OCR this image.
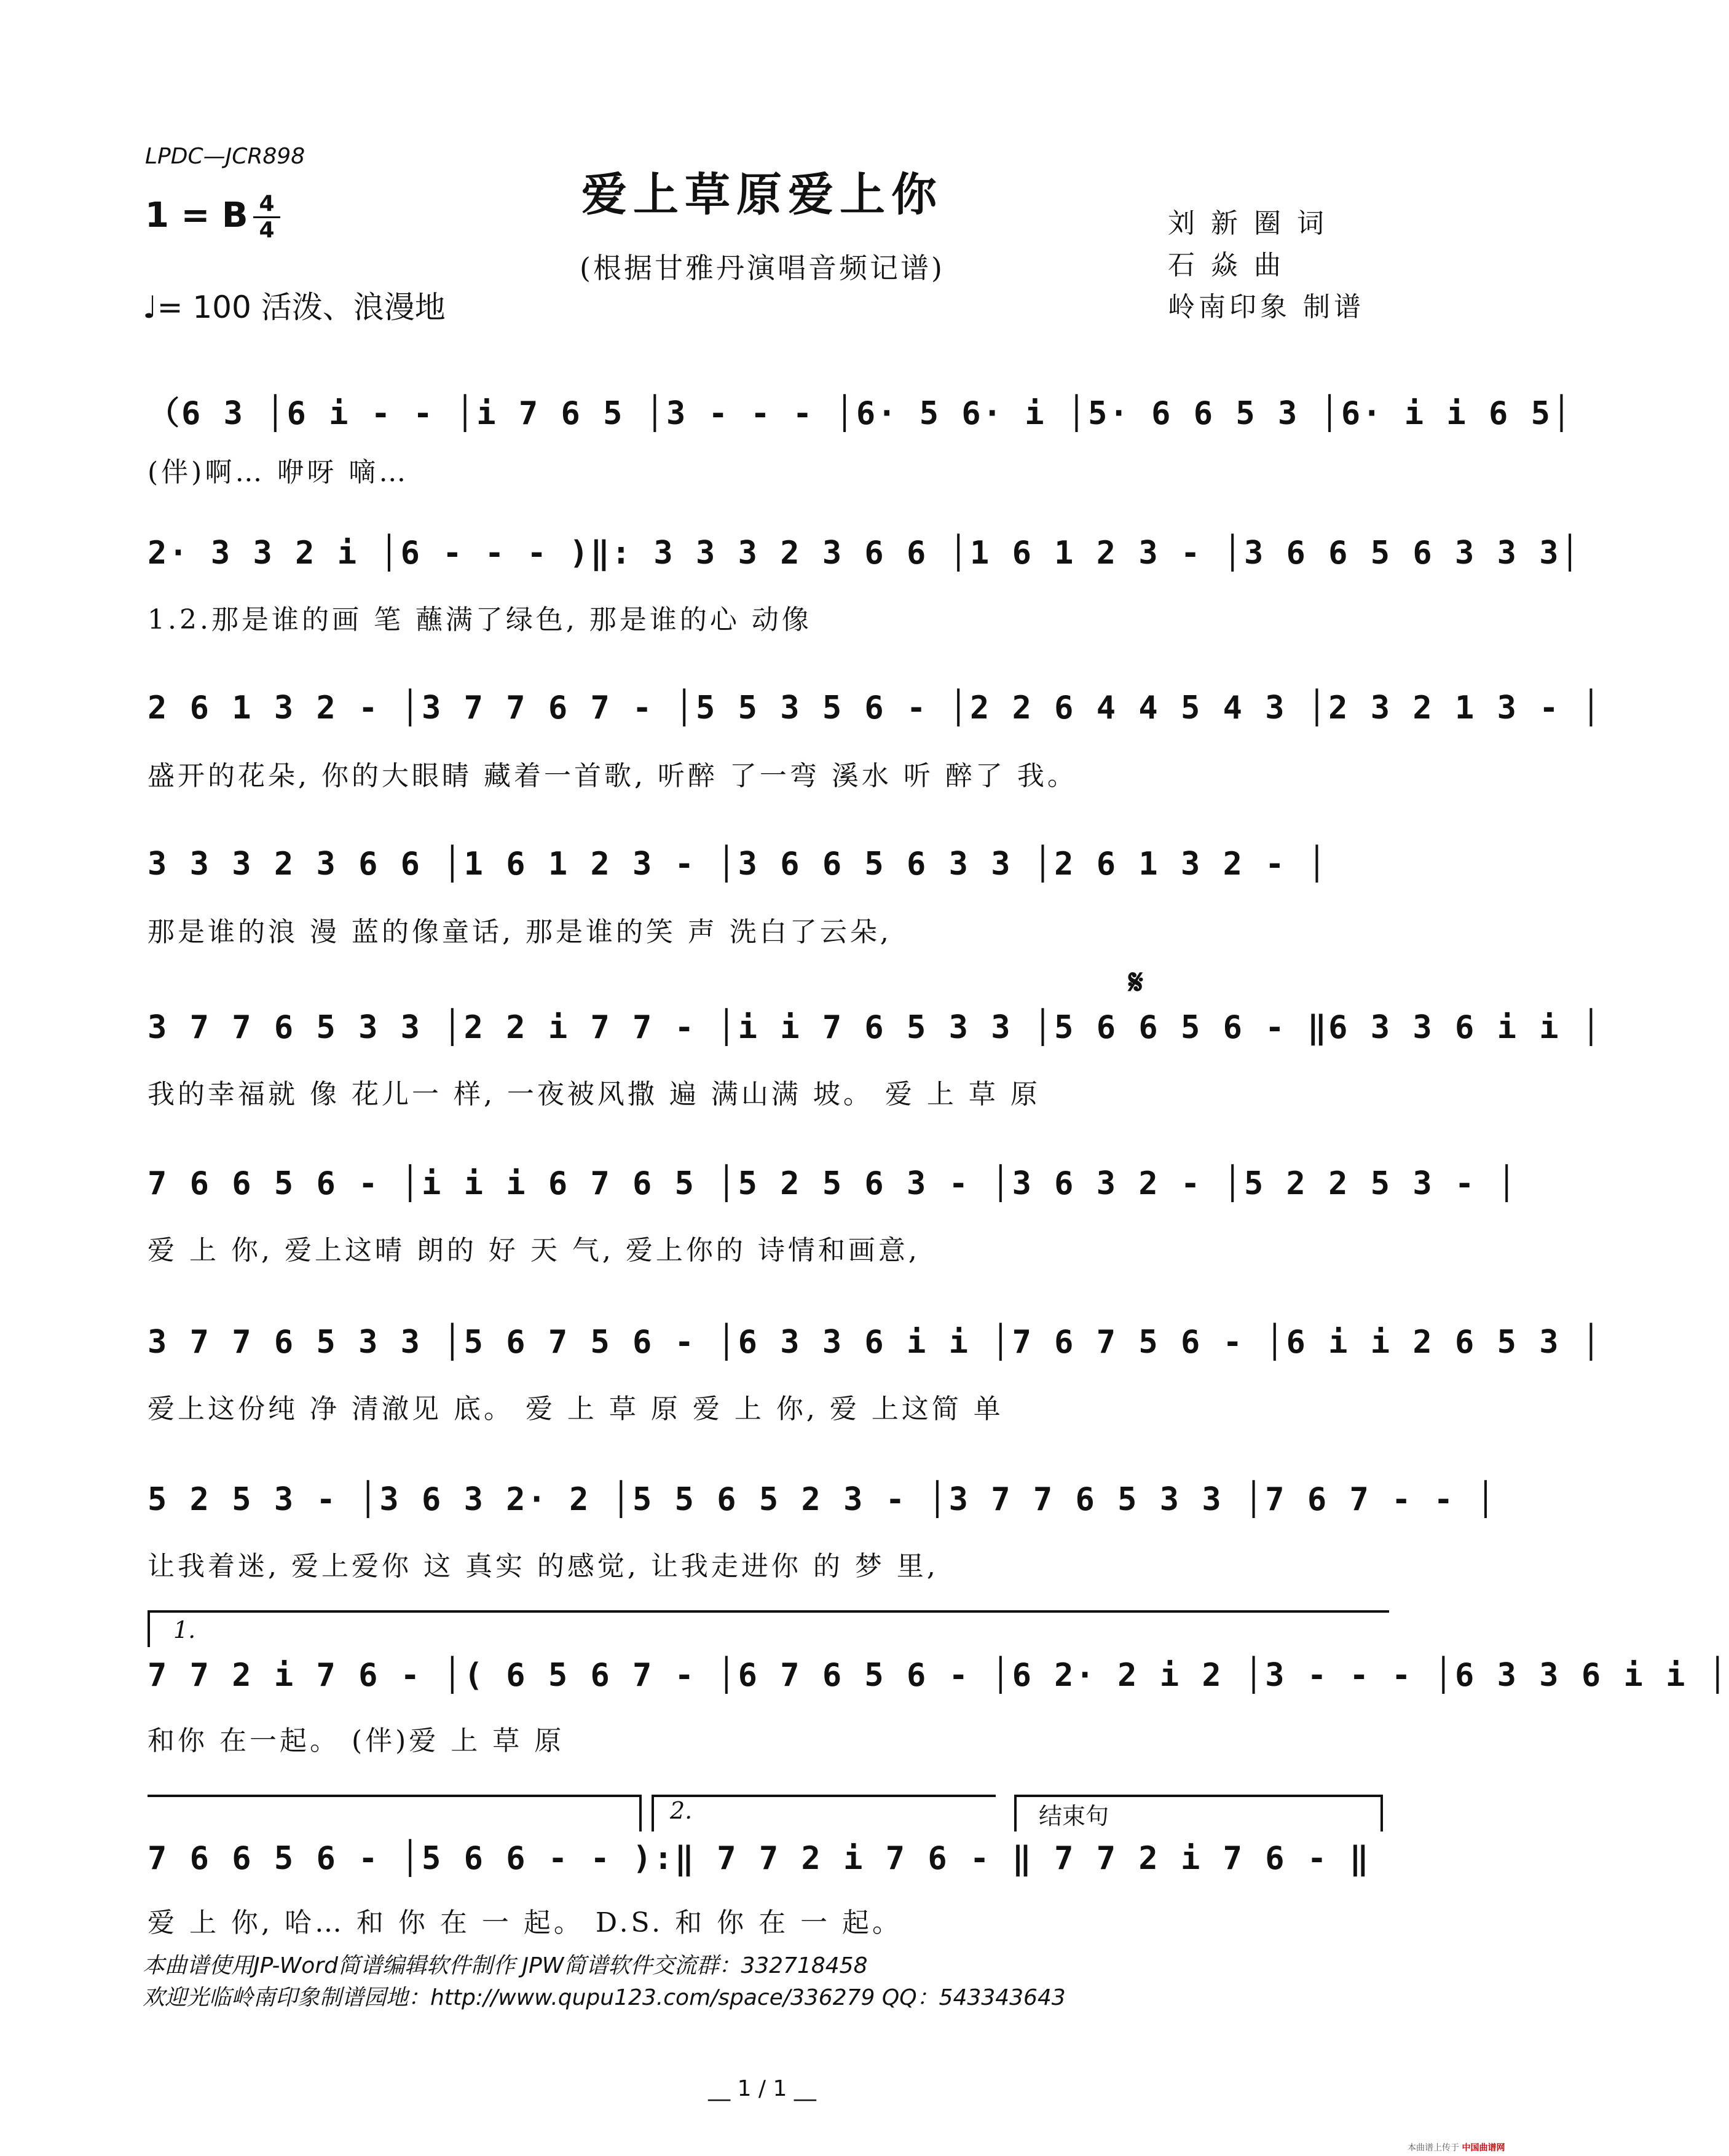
LPDC—JCR898
爱上草原爱上你
(根据甘雅丹演唱音频记谱)
1 = B 4
4
♩= 100 活泼、浪漫地
刘 新 圈 词
石 焱 曲
岭南印象 制谱
𝄋
1.
2.	结束句
（6 3 │6 i - - │i 7 6 5 │3 - - - │6· 5 6· i │5· 6 6 5 3 │6· i i 6 5│
(伴)啊… 咿呀 嘀…
2· 3 3 2 i │6 - - - )‖: 3 3 3 2 3 6 6 │1 6 1 2 3 - │3 6 6 5 6 3 3 3│
1.2.那是谁的画 笔 蘸满了绿色, 那是谁的心 动像
2 6 1 3 2 - │3 7 7 6 7 - │5 5 3 5 6 - │2 2 6 4 4 5 4 3 │2 3 2 1 3 - │
盛开的花朵, 你的大眼睛 藏着一首歌, 听醉 了一弯 溪水 听 醉了 我。
3 3 3 2 3 6 6 │1 6 1 2 3 - │3 6 6 5 6 3 3 │2 6 1 3 2 - │
那是谁的浪 漫 蓝的像童话, 那是谁的笑 声 洗白了云朵,
3 7 7 6 5 3 3 │2 2 i 7 7 - │i i 7 6 5 3 3 │5 6 6 5 6 - ‖6 3 3 6 i i │
我的幸福就 像 花儿一 样, 一夜被风撒 遍 满山满 坡。 爱 上 草 原
7 6 6 5 6 - │i i i 6 7 6 5 │5 2 5 6 3 - │3 6 3 2 - │5 2 2 5 3 - │
爱 上 你, 爱上这晴 朗的 好 天 气, 爱上你的 诗情和画意,
3 7 7 6 5 3 3 │5 6 7 5 6 - │6 3 3 6 i i │7 6 7 5 6 - │6 i i 2 6 5 3 │
爱上这份纯 净 清澈见 底。 爱 上 草 原 爱 上 你, 爱 上这简 单
5 2 5 3 - │3 6 3 2· 2 │5 5 6 5 2 3 - │3 7 7 6 5 3 3 │7 6 7 - - │
让我着迷, 爱上爱你 这 真实 的感觉, 让我走进你 的 梦 里,
7 7 2 i 7 6 - │( 6 5 6 7 - │6 7 6 5 6 - │6 2· 2 i 2 │3 - - - │6 3 3 6 i i │
和你 在一起。 (伴)爱 上 草 原
7 6 6 5 6 - │5 6 6 - - ):‖ 7 7 2 i 7 6 - ‖ 7 7 2 i 7 6 - ‖
爱 上 你, 哈… 和 你 在 一 起。 D.S. 和 你 在 一 起。
本曲谱使用JP-Word简谱编辑软件制作 JPW简谱软件交流群：332718458
欢迎光临岭南印象制谱园地：http://www.qupu123.com/space/336279 QQ：543343643
__ 1 / 1 __
本曲谱上传于 中国曲谱网
